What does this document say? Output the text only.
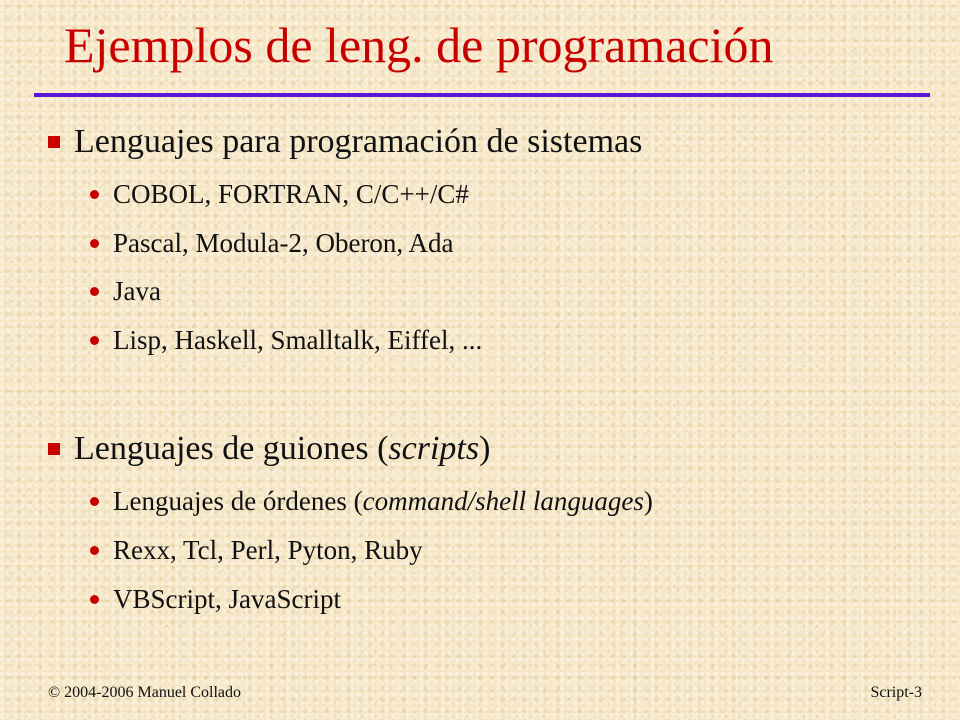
Ejemplos de leng. de programación
Lenguajes para programación de sistemas
COBOL, FORTRAN, C/C++/C#
Pascal, Modula-2, Oberon, Ada
Java
Lisp, Haskell, Smalltalk, Eiffel, ...
Lenguajes de guiones (scripts)
Lenguajes de órdenes (command/shell languages)
Rexx, Tcl, Perl, Pyton, Ruby
VBScript, JavaScript
© 2004-2006 Manuel Collado	Script-3
